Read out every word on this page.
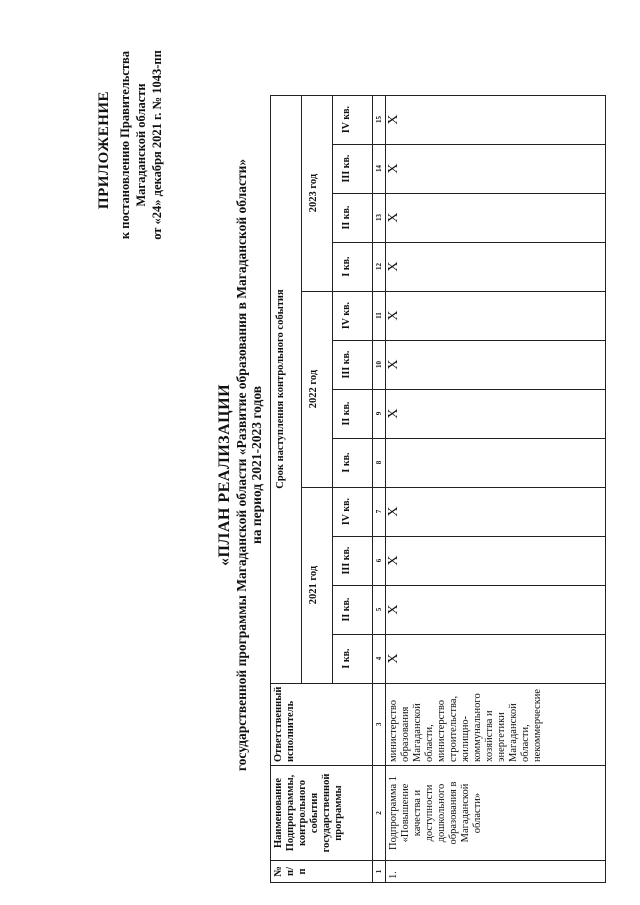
ПРИЛОЖЕНИЕ к постановлению Правительства Магаданской области от «24» декабря 2021 г. № 1043-пп
«ПЛАН РЕАЛИЗАЦИИ государственной программы Магаданской области «Развитие образования в Магаданской области» на период 2021-2023 годов
№ п/п	Наименование Подпрограммы, контрольного события государственной программы	Ответственный исполнитель	Срок наступления контрольного события											
			2021 год				2022 год				2023 год			
			I кв.	II кв.	III кв.	IV кв.	I кв.	II кв.	III кв.	IV кв.	I кв.	II кв.	III кв.	IV кв.
1	2	3	4	5	6	7	8	9	10	11	12	13	14	15
1.	Подпрограмма 1 «Повышение качества и доступности дошкольного образования в Магаданской области»	министерство образования Магаданской области, министерство строительства, жилищно-коммунального хозяйства и энергетики Магаданской области, некоммерческие	X	X	X	X		X	X	X	X	X	X	X
